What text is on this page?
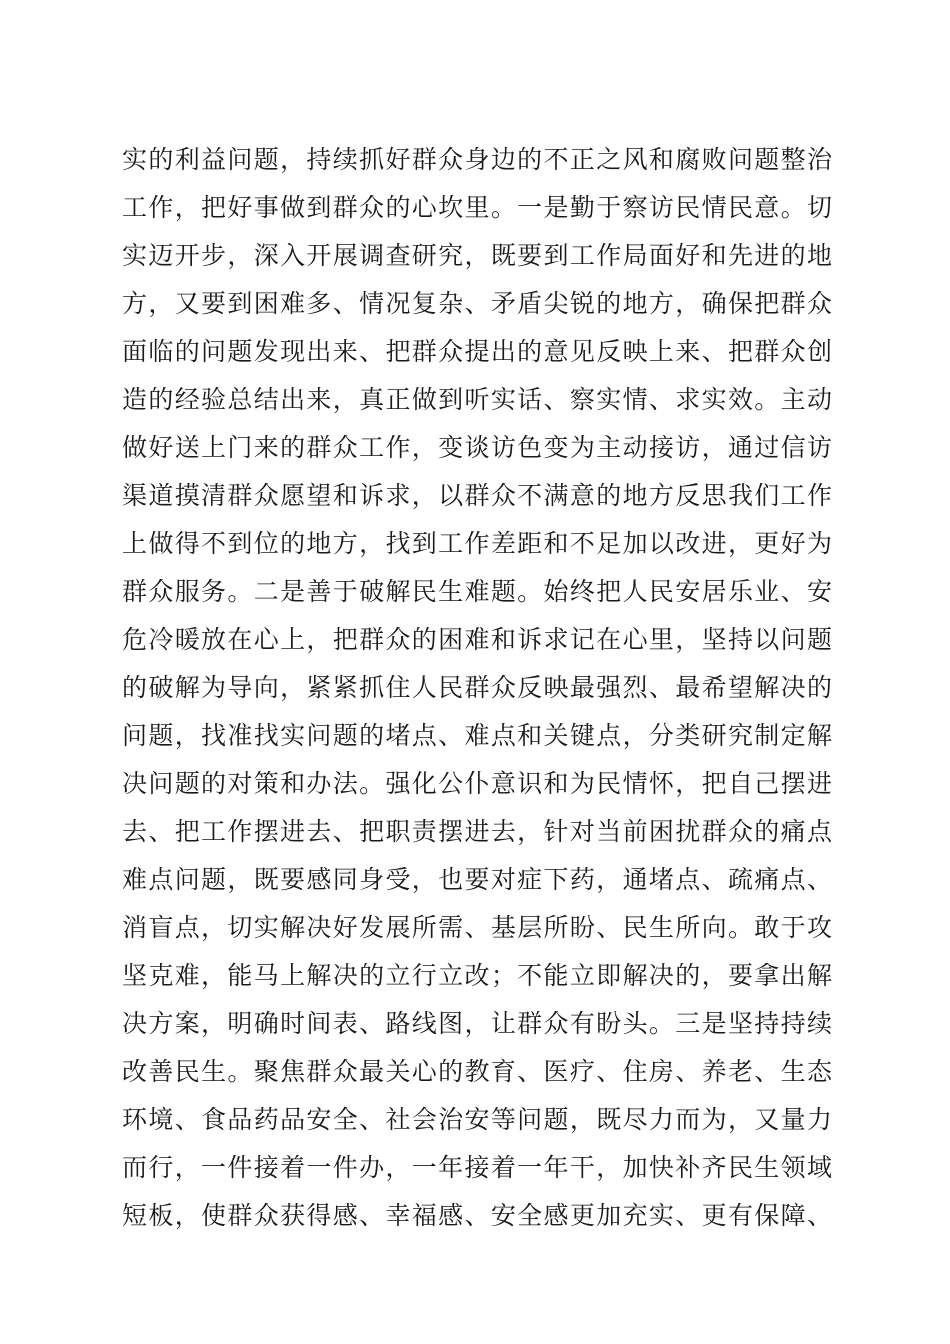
实的利益问题，持续抓好群众身边的不正之风和腐败问题整治
工作，把好事做到群众的心坎里。一是勤于察访民情民意。切
实迈开步，深入开展调查研究，既要到工作局面好和先进的地
方，又要到困难多、情况复杂、矛盾尖锐的地方，确保把群众
面临的问题发现出来、把群众提出的意见反映上来、把群众创
造的经验总结出来，真正做到听实话、察实情、求实效。主动
做好送上门来的群众工作，变谈访色变为主动接访，通过信访
渠道摸清群众愿望和诉求，以群众不满意的地方反思我们工作
上做得不到位的地方，找到工作差距和不足加以改进，更好为
群众服务。二是善于破解民生难题。始终把人民安居乐业、安
危冷暖放在心上，把群众的困难和诉求记在心里，坚持以问题
的破解为导向，紧紧抓住人民群众反映最强烈、最希望解决的
问题，找准找实问题的堵点、难点和关键点，分类研究制定解
决问题的对策和办法。强化公仆意识和为民情怀，把自己摆进
去、把工作摆进去、把职责摆进去，针对当前困扰群众的痛点
难点问题，既要感同身受，也要对症下药，通堵点、疏痛点、
消盲点，切实解决好发展所需、基层所盼、民生所向。敢于攻
坚克难，能马上解决的立行立改；不能立即解决的，要拿出解
决方案，明确时间表、路线图，让群众有盼头。三是坚持持续
改善民生。聚焦群众最关心的教育、医疗、住房、养老、生态
环境、食品药品安全、社会治安等问题，既尽力而为，又量力
而行，一件接着一件办，一年接着一年干，加快补齐民生领域
短板，使群众获得感、幸福感、安全感更加充实、更有保障、
